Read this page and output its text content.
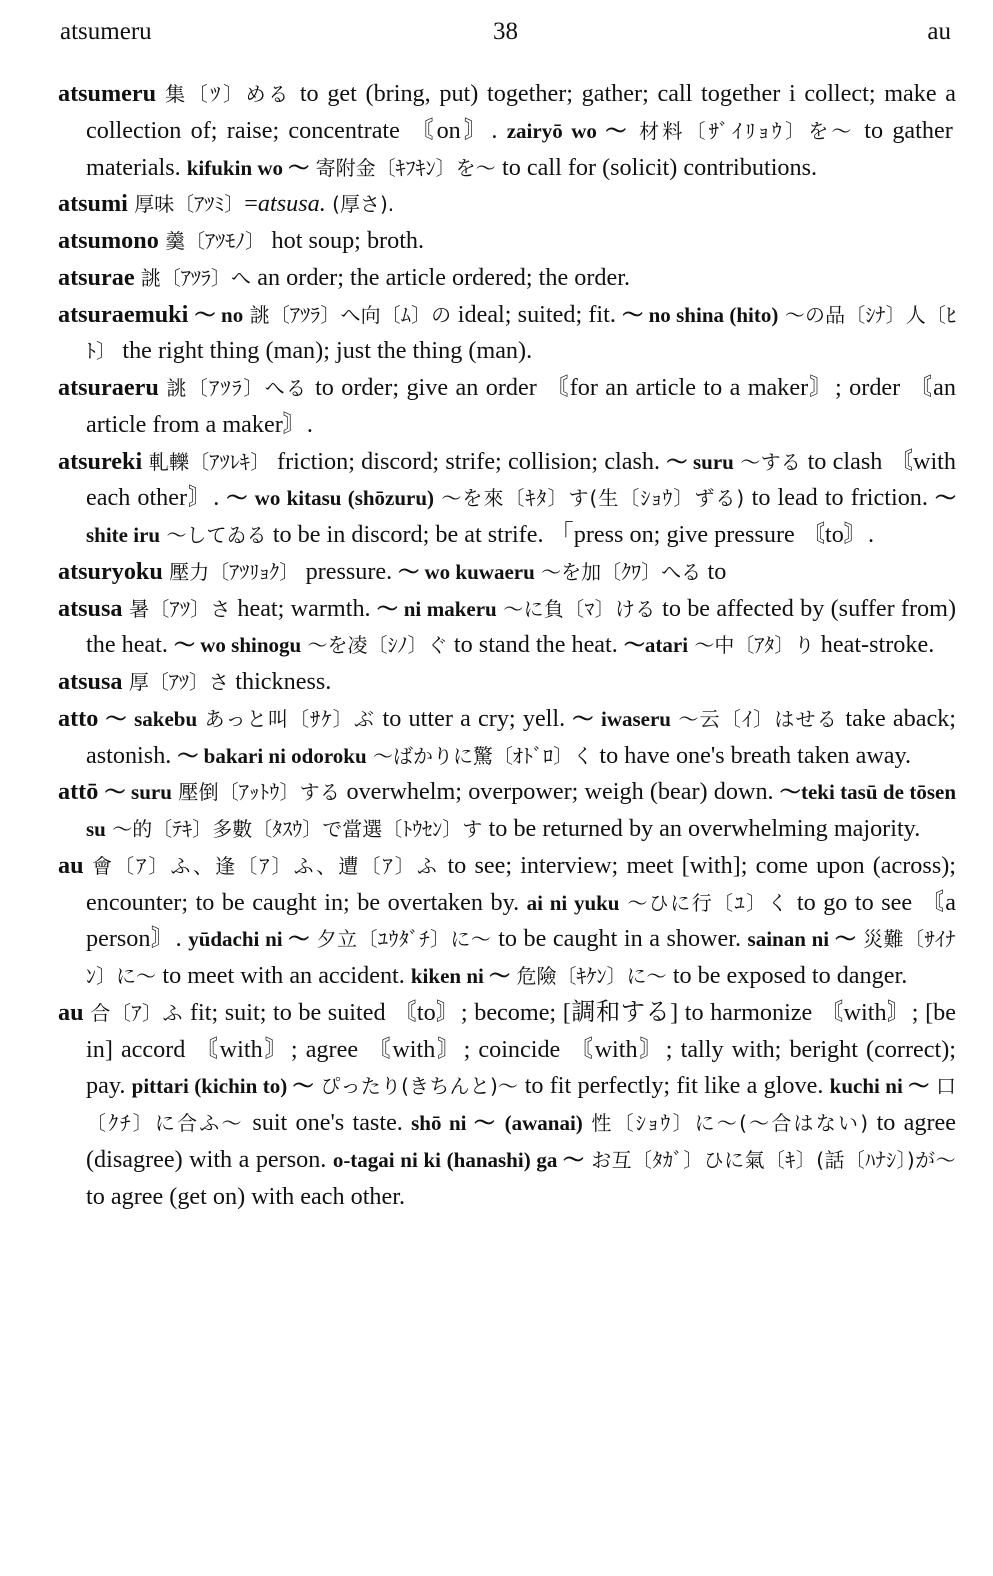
atsumeru	38	au
atsumeru 集〔ﾂ〕める to get (bring, put) together; gather; call together i collect; make a collection of; raise; concentrate 〘on〙. zairyō wo ～ 材料〔ｻﾞｲﾘｮｳ〕を～ to gather materials. kifukin wo ～ 寄附金〔ｷﾌｷﾝ〕を～ to call for (solicit) contributions.
atsumi 厚味〔ｱﾂﾐ〕=atsusa. (厚さ).
atsumono 羹〔ｱﾂﾓﾉ〕 hot soup; broth.
atsurae 誂〔ｱﾂﾗ〕へ an order; the article ordered; the order.
atsuraemuki ～ no 誂〔ｱﾂﾗ〕へ向〔ﾑ〕の ideal; suited; fit. ～ no shina (hito) ～の品〔ｼﾅ〕人〔ﾋﾄ〕 the right thing (man); just the thing (man).
atsuraeru 誂〔ｱﾂﾗ〕へる to order; give an order 〘for an article to a maker〙; order 〘an article from a maker〙.
atsureki 軋轢〔ｱﾂﾚｷ〕 friction; discord; strife; collision; clash. ～ suru ～する to clash 〘with each other〙. ～ wo kitasu (shōzuru) ～を來〔ｷﾀ〕す(生〔ｼｮｳ〕ずる) to lead to friction. ～ shite iru ～してゐる to be in discord; be at strife. 「press on; give pressure 〘to〙.
atsuryoku 壓力〔ｱﾂﾘｮｸ〕 pressure. ～ wo kuwaeru ～を加〔ｸﾜ〕へる to
atsusa 暑〔ｱﾂ〕さ heat; warmth. ～ ni makeru ～に負〔ﾏ〕ける to be affected by (suffer from) the heat. ～ wo shinogu ～を凌〔ｼﾉ〕ぐ to stand the heat. ～atari ～中〔ｱﾀ〕り heat-stroke.
atsusa 厚〔ｱﾂ〕さ thickness.
atto ～ sakebu あっと叫〔ｻｹ〕ぶ to utter a cry; yell. ～ iwaseru ～云〔ｲ〕はせる take aback; astonish. ～ bakari ni odoroku ～ばかりに驚〔ｵﾄﾞﾛ〕く to have one's breath taken away.
attō ～ suru 壓倒〔ｱｯﾄｳ〕する overwhelm; overpower; weigh (bear) down. ～teki tasū de tōsen su ～的〔ﾃｷ〕多數〔ﾀｽｳ〕で當選〔ﾄｳｾﾝ〕す to be returned by an overwhelming majority.
au 會〔ｱ〕ふ、逢〔ｱ〕ふ、遭〔ｱ〕ふ to see; interview; meet [with]; come upon (across); encounter; to be caught in; be overtaken by. ai ni yuku ～ひに行〔ﾕ〕く to go to see 〘a person〙. yūdachi ni ～ 夕立〔ﾕｳﾀﾞﾁ〕に～ to be caught in a shower. sainan ni ～ 災難〔ｻｲﾅﾝ〕に～ to meet with an accident. kiken ni ～ 危險〔ｷｹﾝ〕に～ to be exposed to danger.
au 合〔ｱ〕ふ fit; suit; to be suited 〘to〙; become; [調和する] to harmonize 〘with〙; [be in] accord 〘with〙; agree 〘with〙; coincide 〘with〙; tally with; beright (correct); pay. pittari (kichin to) ～ ぴったり(きちんと)～ to fit perfectly; fit like a glove. kuchi ni ～ 口〔ｸﾁ〕に合ふ～ suit one's taste. shō ni ～ (awanai) 性〔ｼｮｳ〕に～(～合はない) to agree (disagree) with a person. o-tagai ni ki (hanashi) ga ～ お互〔ﾀｶﾞ〕ひに氣〔ｷ〕(話〔ﾊﾅｼ〕)が～ to agree (get on) with each other.
